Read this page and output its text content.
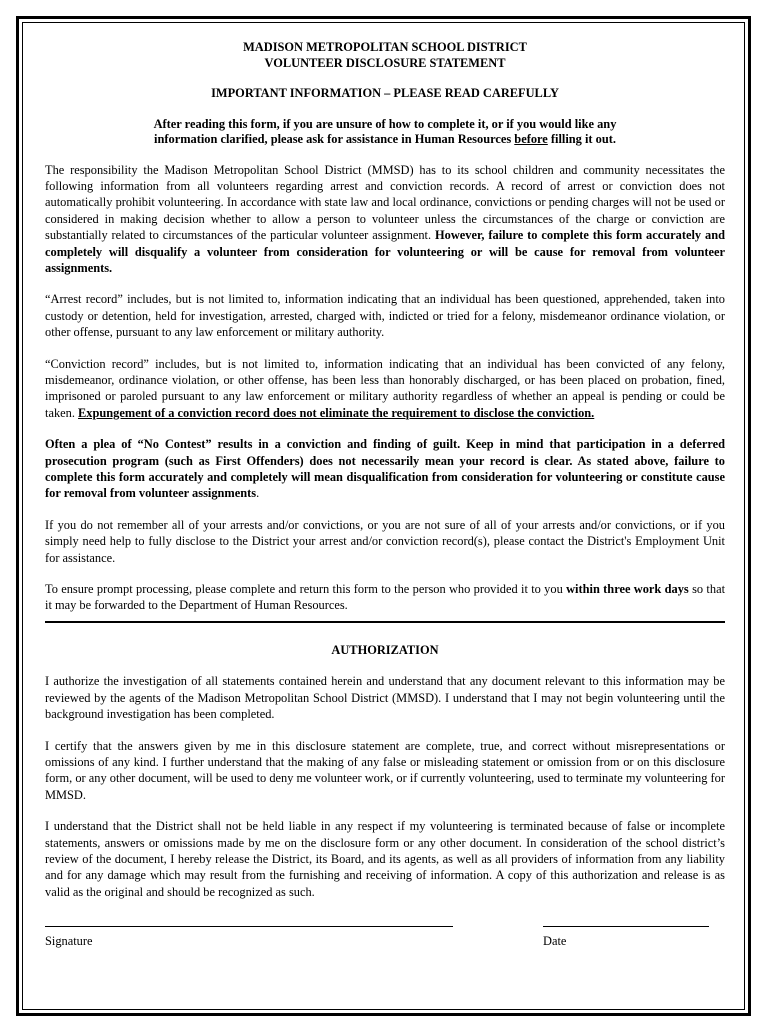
MADISON METROPOLITAN SCHOOL DISTRICT
VOLUNTEER DISCLOSURE STATEMENT
IMPORTANT INFORMATION – PLEASE READ CAREFULLY
After reading this form, if you are unsure of how to complete it, or if you would like any
information clarified, please ask for assistance in Human Resources before filling it out.

The responsibility the Madison Metropolitan School District (MMSD) has to its school children and community necessitates the following information from all volunteers regarding arrest and conviction records. A record of arrest or conviction does not automatically prohibit volunteering. In accordance with state law and local ordinance, convictions or pending charges will not be used or considered in making decision whether to allow a person to volunteer unless the circumstances of the charge or conviction are substantially related to circumstances of the particular volunteer assignment. However, failure to complete this form accurately and completely will disqualify a volunteer from consideration for volunteering or will be cause for removal from volunteer assignments.

“Arrest record” includes, but is not limited to, information indicating that an individual has been questioned, apprehended, taken into custody or detention, held for investigation, arrested, charged with, indicted or tried for a felony, misdemeanor ordinance violation, or other offense, pursuant to any law enforcement or military authority.

“Conviction record” includes, but is not limited to, information indicating that an individual has been convicted of any felony, misdemeanor, ordinance violation, or other offense, has been less than honorably discharged, or has been placed on probation, fined, imprisoned or paroled pursuant to any law enforcement or military authority regardless of whether an appeal is pending or could be taken. Expungement of a conviction record does not eliminate the requirement to disclose the conviction.

Often a plea of “No Contest” results in a conviction and finding of guilt. Keep in mind that participation in a deferred prosecution program (such as First Offenders) does not necessarily mean your record is clear. As stated above, failure to complete this form accurately and completely will mean disqualification from consideration for volunteering or constitute cause for removal from volunteer assignments.

If you do not remember all of your arrests and/or convictions, or you are not sure of all of your arrests and/or convictions, or if you simply need help to fully disclose to the District your arrest and/or conviction record(s), please contact the District's Employment Unit for assistance.

To ensure prompt processing, please complete and return this form to the person who provided it to you within three work days so that it may be forwarded to the Department of Human Resources.

AUTHORIZATION

I authorize the investigation of all statements contained herein and understand that any document relevant to this information may be reviewed by the agents of the Madison Metropolitan School District (MMSD). I understand that I may not begin volunteering until the background investigation has been completed.

I certify that the answers given by me in this disclosure statement are complete, true, and correct without misrepresentations or omissions of any kind. I further understand that the making of any false or misleading statement or omission from or on this disclosure form, or any other document, will be used to deny me volunteer work, or if currently volunteering, used to terminate my volunteering for MMSD.

I understand that the District shall not be held liable in any respect if my volunteering is terminated because of false or incomplete statements, answers or omissions made by me on the disclosure form or any other document. In consideration of the school district’s review of the document, I hereby release the District, its Board, and its agents, as well as all providers of information from any liability and for any damage which may result from the furnishing and receiving of information. A copy of this authorization and release is as valid as the original and should be recognized as such.

Signature	Date
